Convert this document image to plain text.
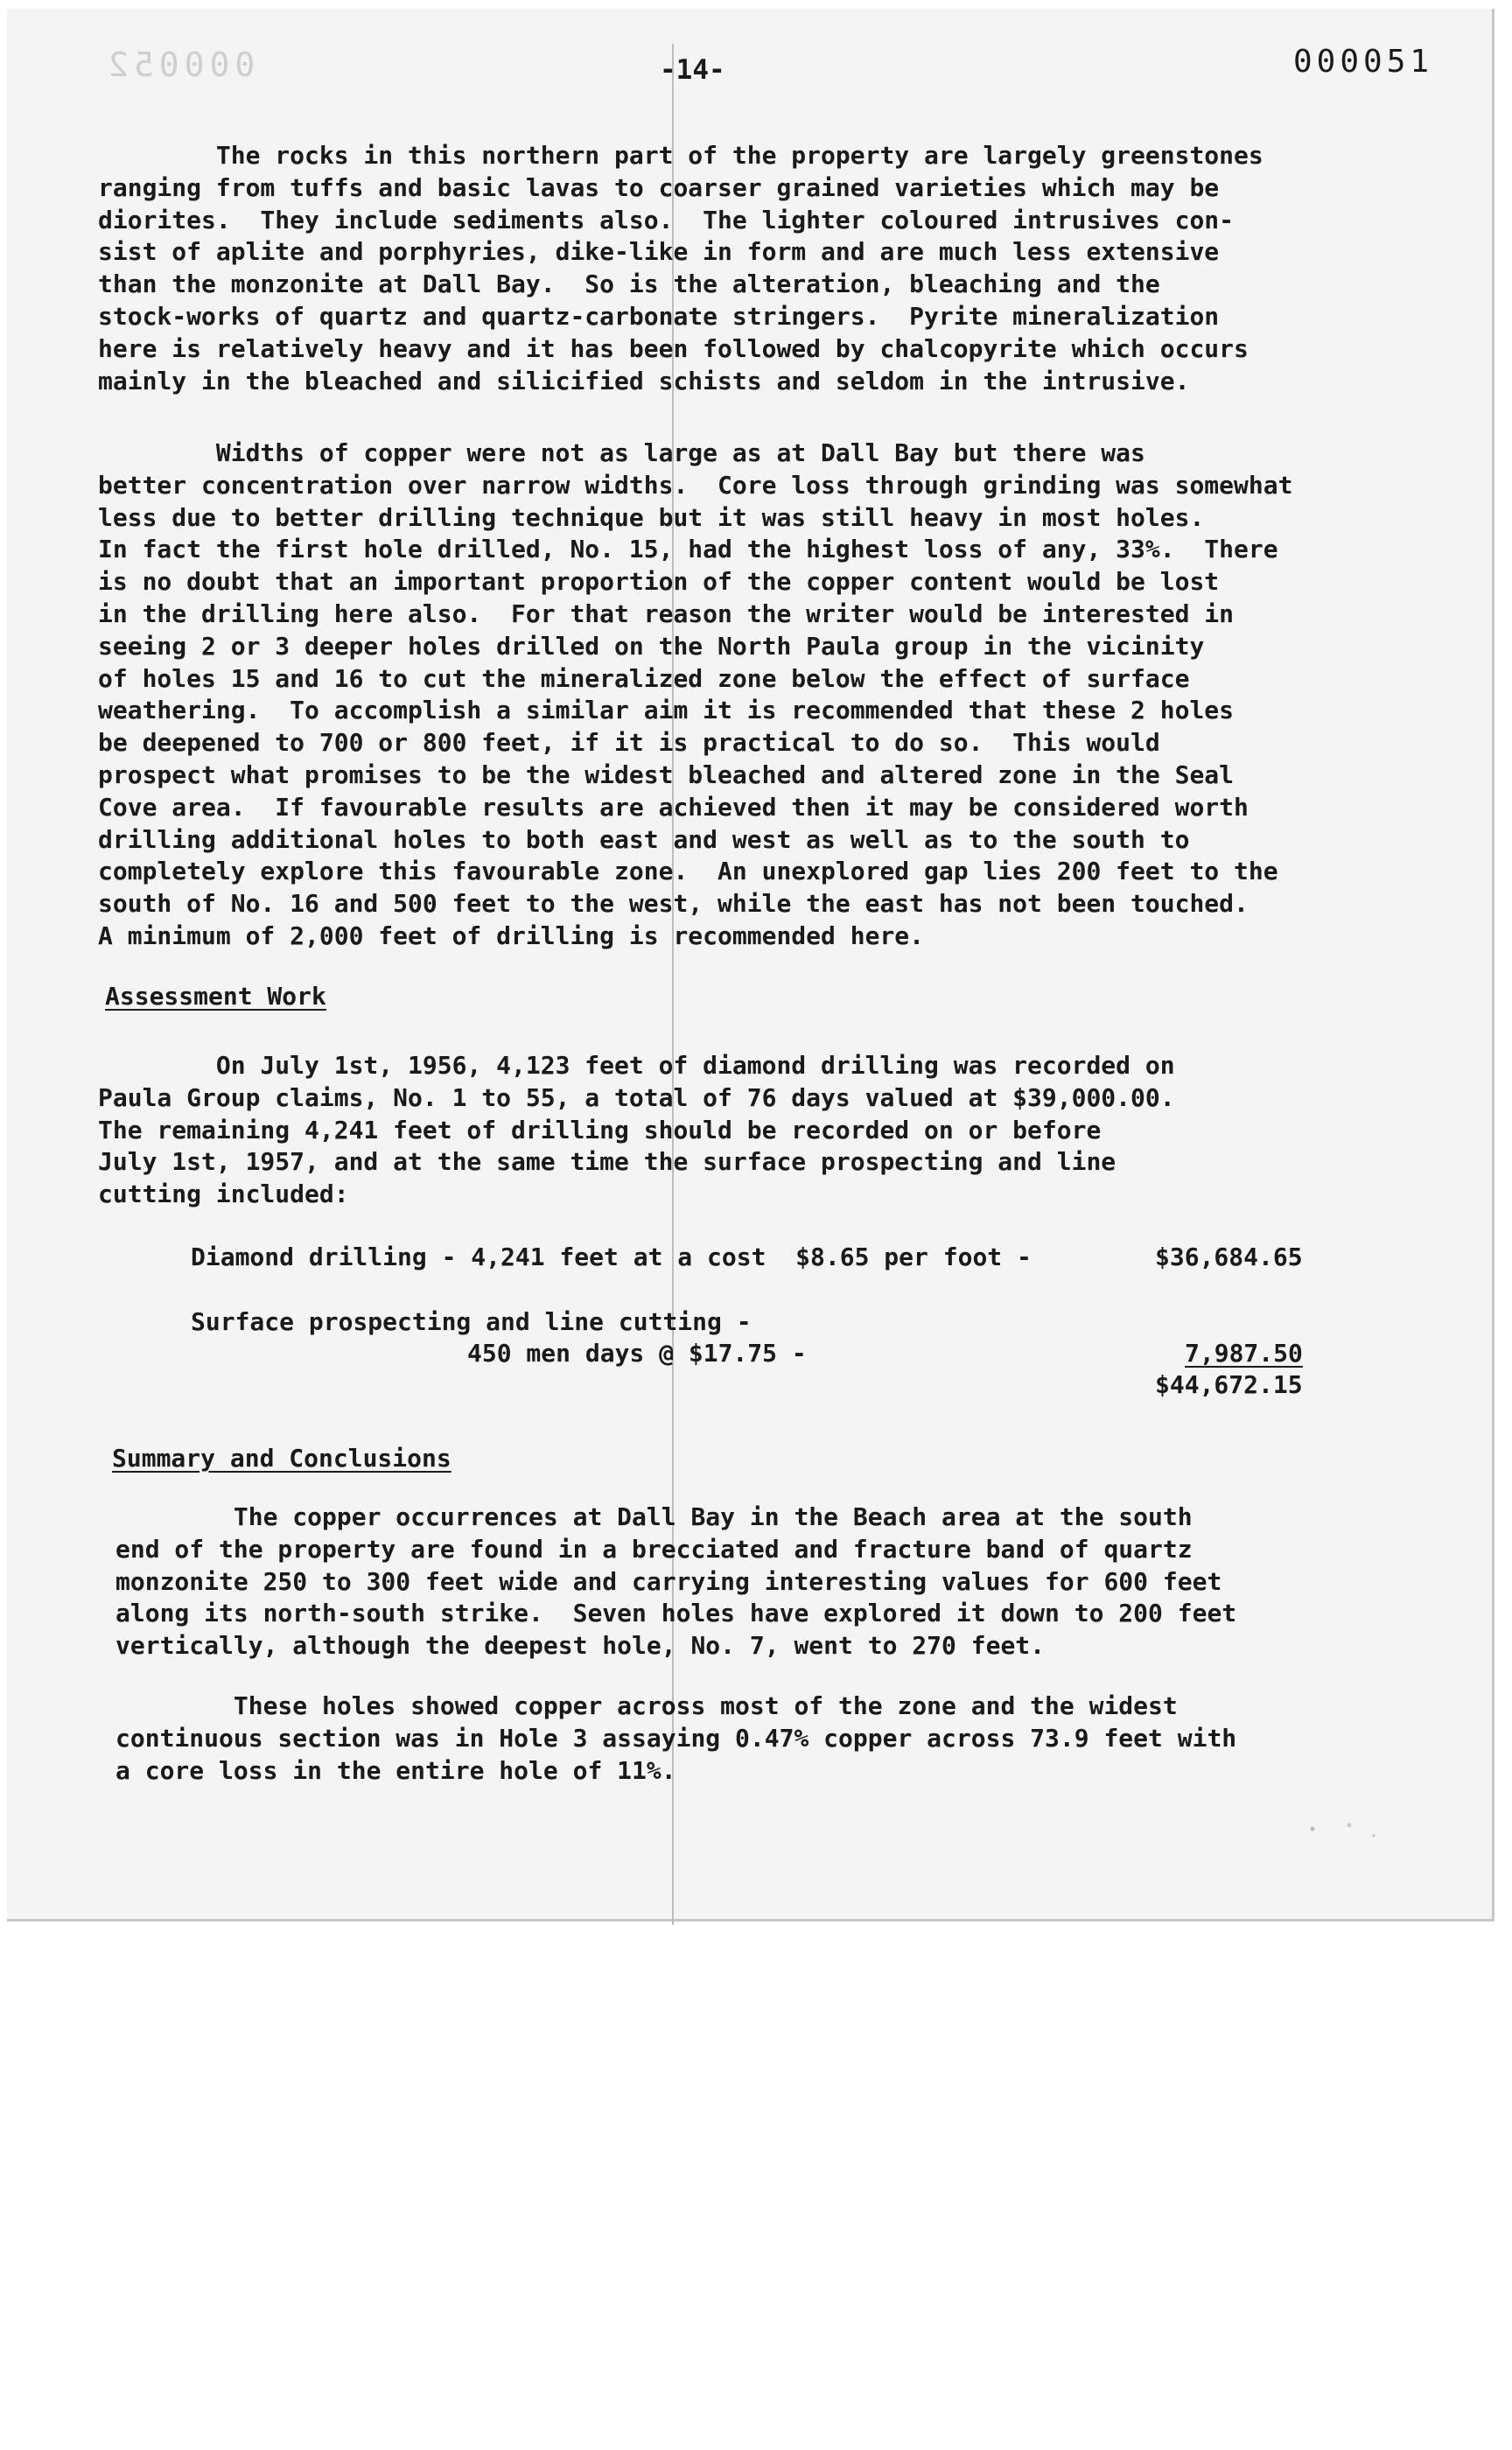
000052	-14-	000051

The rocks in this northern part of the property are largely greenstones
ranging from tuffs and basic lavas to coarser grained varieties which may be
diorites.  They include sediments also.  The lighter coloured intrusives con-
sist of aplite and porphyries, dike-like in form and are much less extensive
than the monzonite at Dall Bay.  So is the alteration, bleaching and the
stock-works of quartz and quartz-carbonate stringers.  Pyrite mineralization
here is relatively heavy and it has been followed by chalcopyrite which occurs
mainly in the bleached and silicified schists and seldom in the intrusive.

Widths of copper were not as large as at Dall Bay but there was
better concentration over narrow widths.  Core loss through grinding was somewhat
less due to better drilling technique but it was still heavy in most holes.
In fact the first hole drilled, No. 15, had the highest loss of any, 33%.  There
is no doubt that an important proportion of the copper content would be lost
in the drilling here also.  For that reason the writer would be interested in
seeing 2 or 3 deeper holes drilled on the North Paula group in the vicinity
of holes 15 and 16 to cut the mineralized zone below the effect of surface
weathering.  To accomplish a similar aim it is recommended that these 2 holes
be deepened to 700 or 800 feet, if it is practical to do so.  This would
prospect what promises to be the widest bleached and altered zone in the Seal
Cove area.  If favourable results are achieved then it may be considered worth
drilling additional holes to both east and west as well as to the south to
completely explore this favourable zone.  An unexplored gap lies 200 feet to the
south of No. 16 and 500 feet to the west, while the east has not been touched.
A minimum of 2,000 feet of drilling is recommended here.

Assessment Work

On July 1st, 1956, 4,123 feet of diamond drilling was recorded on
Paula Group claims, No. 1 to 55, a total of 76 days valued at $39,000.00.
The remaining 4,241 feet of drilling should be recorded on or before
July 1st, 1957, and at the same time the surface prospecting and line
cutting included:

Diamond drilling - 4,241 feet at a cost  $8.65 per foot -	$36,684.65
Surface prospecting and line cutting -
450 men days @ $17.75 -	7,987.50
$44,672.15

Summary and Conclusions

The copper occurrences at Dall Bay in the Beach area at the south
end of the property are found in a brecciated and fracture band of quartz
monzonite 250 to 300 feet wide and carrying interesting values for 600 feet
along its north-south strike.  Seven holes have explored it down to 200 feet
vertically, although the deepest hole, No. 7, went to 270 feet.

These holes showed copper across most of the zone and the widest
continuous section was in Hole 3 assaying 0.47% copper across 73.9 feet with
a core loss in the entire hole of 11%.
